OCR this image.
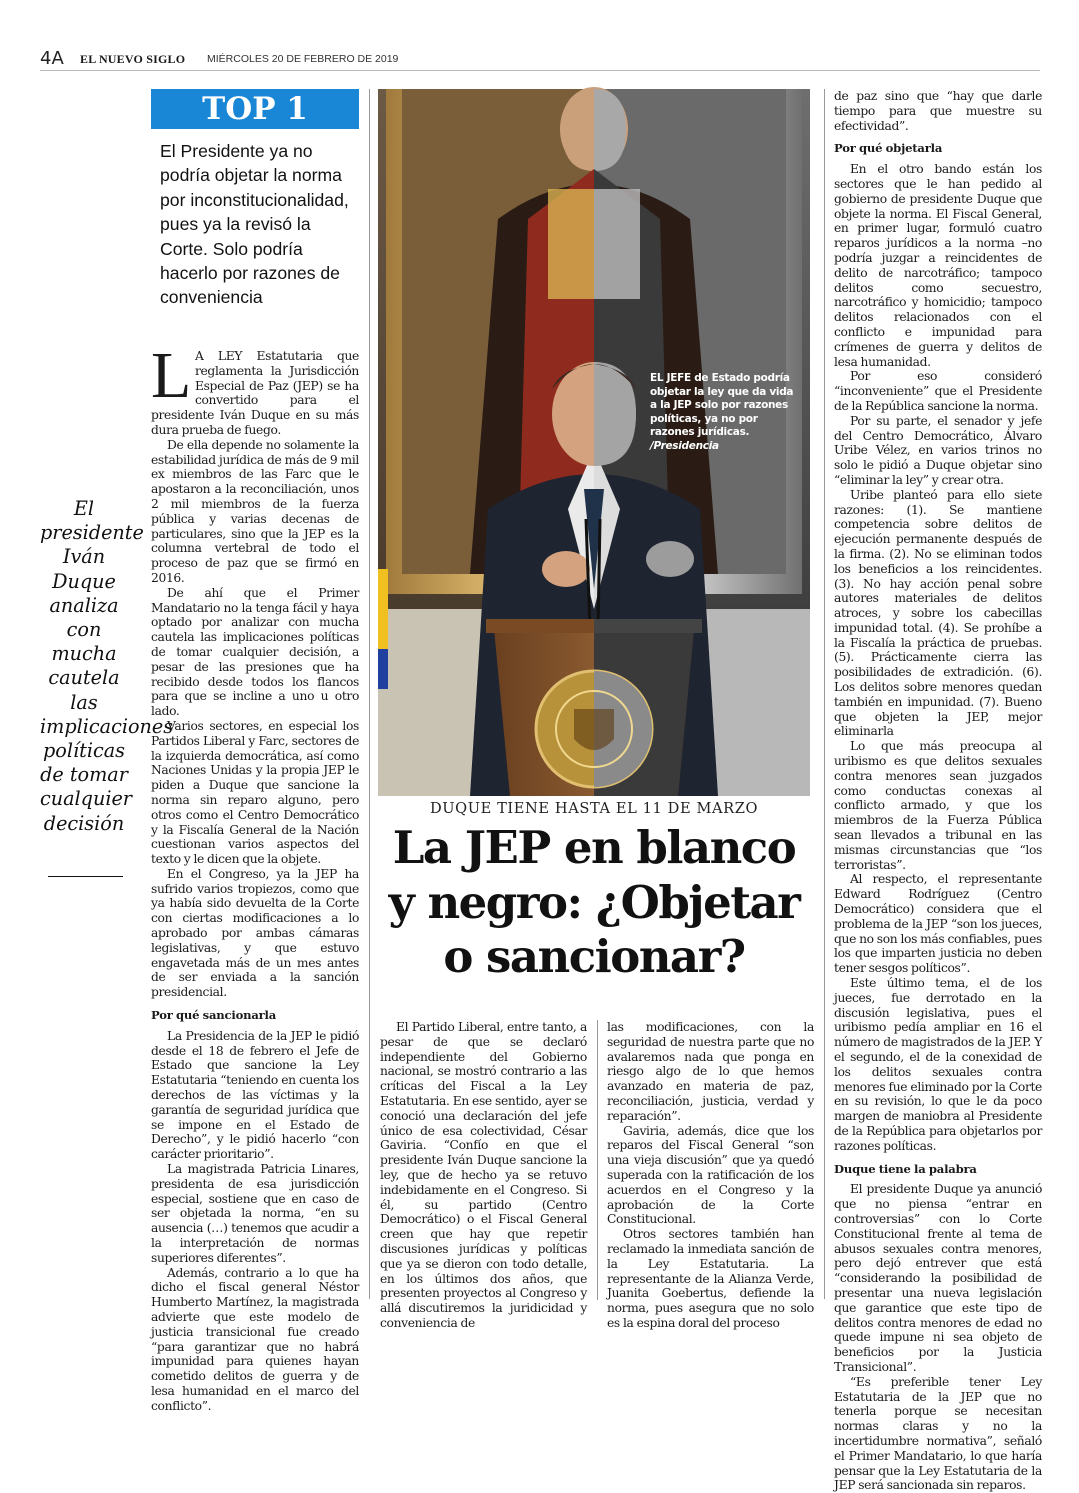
4A EL NUEVO SIGLO MIÉRCOLES 20 DE FEBRERO DE 2019
TOP 1
El Presidente ya no podría objetar la norma por inconstitucionalidad, pues ya la revisó la Corte. Solo podría hacerlo por razones de conveniencia
El presidente Iván Duque analiza con mucha cautela las implicaciones políticas de tomar cualquier decisión

L A LEY Estatutaria que reglamenta la Jurisdicción Especial de Paz (JEP) se ha convertido para el presidente Iván Duque en su más dura prueba de fuego.

De ella depende no solamente la estabilidad jurídica de más de 9 mil ex miembros de las Farc que le apostaron a la reconciliación, unos 2 mil miembros de la fuerza pública y varias decenas de particulares, sino que la JEP es la columna vertebral de todo el proceso de paz que se firmó en 2016.

De ahí que el Primer Mandatario no la tenga fácil y haya optado por analizar con mucha cautela las implicaciones políticas de tomar cualquier decisión, a pesar de las presiones que ha recibido desde todos los flancos para que se incline a uno u otro lado.

Varios sectores, en especial los Partidos Liberal y Farc, sectores de la izquierda democrática, así como Naciones Unidas y la propia JEP le piden a Duque que sancione la norma sin reparo alguno, pero otros como el Centro Democrático y la Fiscalía General de la Nación cuestionan varios aspectos del texto y le dicen que la objete.

En el Congreso, ya la JEP ha sufrido varios tropiezos, como que ya había sido devuelta de la Corte con ciertas modificaciones a lo aprobado por ambas cámaras legislativas, y que estuvo engavetada más de un mes antes de ser enviada a la sanción presidencial.

Por qué sancionarla

La Presidencia de la JEP le pidió desde el 18 de febrero el Jefe de Estado que sancione la Ley Estatutaria “teniendo en cuenta los derechos de las víctimas y la garantía de seguridad jurídica que se impone en el Estado de Derecho”, y le pidió hacerlo “con carácter prioritario”.

La magistrada Patricia Linares, presidenta de esa jurisdicción especial, sostiene que en caso de ser objetada la norma, “en su ausencia (…) tenemos que acudir a la interpretación de normas superiores diferentes”.

Además, contrario a lo que ha dicho el fiscal general Néstor Humberto Martínez, la magistrada advierte que este modelo de justicia transicional fue creado “para garantizar que no habrá impunidad para quienes hayan cometido delitos de guerra y de lesa humanidad en el marco del conflicto”.

EL JEFE de Estado podría objetar la ley que da vida a la JEP solo por razones políticas, ya no por razones jurídicas. /Presidencia
DUQUE TIENE HASTA EL 11 DE MARZO
La JEP en blanco y negro: ¿Objetar o sancionar?

El Partido Liberal, entre tanto, a pesar de que se declaró independiente del Gobierno nacional, se mostró contrario a las críticas del Fiscal a la Ley Estatutaria. En ese sentido, ayer se conoció una declaración del jefe único de esa colectividad, César Gaviria. “Confío en que el presidente Iván Duque sancione la ley, que de hecho ya se retuvo indebidamente en el Congreso. Si él, su partido (Centro Democrático) o el Fiscal General creen que hay que repetir discusiones jurídicas y políticas que ya se dieron con todo detalle, en los últimos dos años, que presenten proyectos al Congreso y allá discutiremos la juridicidad y conveniencia de

las modificaciones, con la seguridad de nuestra parte que no avalaremos nada que ponga en riesgo algo de lo que hemos avanzado en materia de paz, reconciliación, justicia, verdad y reparación”.

Gaviria, además, dice que los reparos del Fiscal General “son una vieja discusión” que ya quedó superada con la ratificación de los acuerdos en el Congreso y la aprobación de la Corte Constitucional.

Otros sectores también han reclamado la inmediata sanción de la Ley Estatutaria. La representante de la Alianza Verde, Juanita Goebertus, defiende la norma, pues asegura que no solo es la espina doral del proceso

de paz sino que “hay que darle tiempo para que muestre su efectividad”.

Por qué objetarla

En el otro bando están los sectores que le han pedido al gobierno de presidente Duque que objete la norma. El Fiscal General, en primer lugar, formuló cuatro reparos jurídicos a la norma –no podría juzgar a reincidentes de delito de narcotráfico; tampoco delitos como secuestro, narcotráfico y homicidio; tampoco delitos relacionados con el conflicto e impunidad para crímenes de guerra y delitos de lesa humanidad.

Por eso consideró “inconveniente” que el Presidente de la República sancione la norma.

Por su parte, el senador y jefe del Centro Democrático, Álvaro Uribe Vélez, en varios trinos no solo le pidió a Duque objetar sino “eliminar la ley” y crear otra.

Uribe planteó para ello siete razones: (1). Se mantiene competencia sobre delitos de ejecución permanente después de la firma. (2). No se eliminan todos los beneficios a los reincidentes. (3). No hay acción penal sobre autores materiales de delitos atroces, y sobre los cabecillas impunidad total. (4). Se prohíbe a la Fiscalía la práctica de pruebas. (5). Prácticamente cierra las posibilidades de extradición. (6). Los delitos sobre menores quedan también en impunidad. (7). Bueno que objeten la JEP, mejor eliminarla

Lo que más preocupa al uribismo es que delitos sexuales contra menores sean juzgados como conductas conexas al conflicto armado, y que los miembros de la Fuerza Pública sean llevados a tribunal en las mismas circunstancias que “los terroristas”.

Al respecto, el representante Edward Rodríguez (Centro Democrático) considera que el problema de la JEP “son los jueces, que no son los más confiables, pues los que imparten justicia no deben tener sesgos políticos”.

Este último tema, el de los jueces, fue derrotado en la discusión legislativa, pues el uribismo pedía ampliar en 16 el número de magistrados de la JEP. Y el segundo, el de la conexidad de los delitos sexuales contra menores fue eliminado por la Corte en su revisión, lo que le da poco margen de maniobra al Presidente de la República para objetarlos por razones políticas.

Duque tiene la palabra

El presidente Duque ya anunció que no piensa “entrar en controversias” con lo Corte Constitucional frente al tema de abusos sexuales contra menores, pero dejó entrever que está “considerando la posibilidad de presentar una nueva legislación que garantice que este tipo de delitos contra menores de edad no quede impune ni sea objeto de beneficios por la Justicia Transicional”.

“Es preferible tener Ley Estatutaria de la JEP que no tenerla porque se necesitan normas claras y no la incertidumbre normativa”, señaló el Primer Mandatario, lo que haría pensar que la Ley Estatutaria de la JEP será sancionada sin reparos.
